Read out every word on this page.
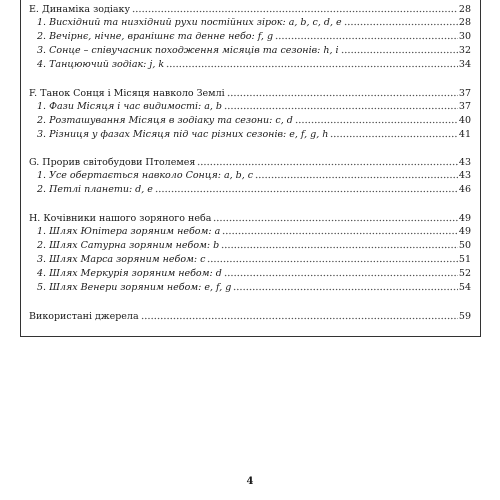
E. Динаміка зодіаку	28
1. Висхідний та низхідний рухи постійних зірок: a, b, c, d, e	28
2. Вечірнє, нічне, вранішнє та денне небо: f, g	30
3. Сонце – співучасник походження місяців та сезонів: h, i	32
4. Танцюючий зодіак: j, k	34
F. Танок Сонця і Місяця навколо Землі	37
1. Фази Місяця і час видимості: a, b	37
2. Розташування Місяця в зодіаку та сезони: c, d	40
3. Різниця у фазах Місяця під час різних сезонів: e, f, g, h	41
G. Прорив світобудови Птолемея	43
1. Усе обертається навколо Сонця: a, b, c	43
2. Петлі планети: d, e	46
H. Кочівники нашого зоряного неба	49
1. Шлях Юпітера зоряним небом: a	49
2. Шлях Сатурна зоряним небом: b	50
3. Шлях Марса зоряним небом: c	51
4. Шлях Меркурія зоряним небом: d	52
5. Шлях Венери зоряним небом: e, f, g	54
Використані джерела	59
4
